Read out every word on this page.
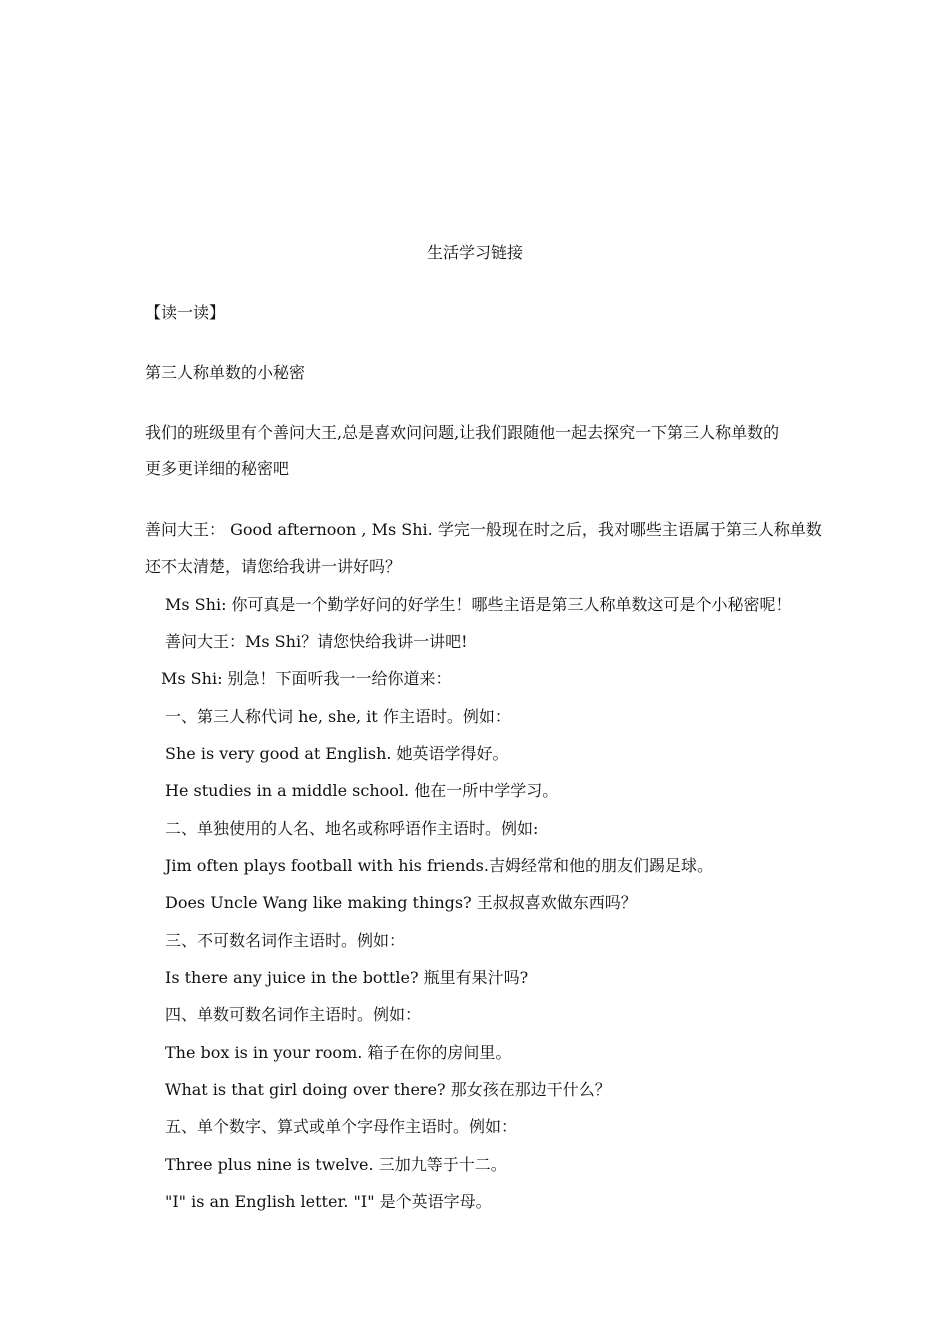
生活学习链接
【读一读】
第三人称单数的小秘密
我们的班级里有个善问大王,总是喜欢问问题,让我们跟随他一起去探究一下第三人称单数的
更多更详细的秘密吧
善问大王： Good afternoon , Ms Shi. 学完一般现在时之后，我对哪些主语属于第三人称单数
还不太清楚，请您给我讲一讲好吗？
Ms Shi: 你可真是一个勤学好问的好学生！哪些主语是第三人称单数这可是个小秘密呢！
善问大王：Ms Shi？请您快给我讲一讲吧!
Ms Shi: 别急！下面听我一一给你道来：
一、第三人称代词 he, she, it 作主语时。例如：
She is very good at English. 她英语学得好。
He studies in a middle school. 他在一所中学学习。
二、单独使用的人名、地名或称呼语作主语时。例如:
Jim often plays football with his friends.吉姆经常和他的朋友们踢足球。
Does Uncle Wang like making things? 王叔叔喜欢做东西吗？
三、不可数名词作主语时。例如：
Is there any juice in the bottle? 瓶里有果汁吗?
四、单数可数名词作主语时。例如：
The box is in your room. 箱子在你的房间里。
What is that girl doing over there? 那女孩在那边干什么？
五、单个数字、算式或单个字母作主语时。例如：
Three plus nine is twelve. 三加九等于十二。
"I" is an English letter. "I" 是个英语字母。
